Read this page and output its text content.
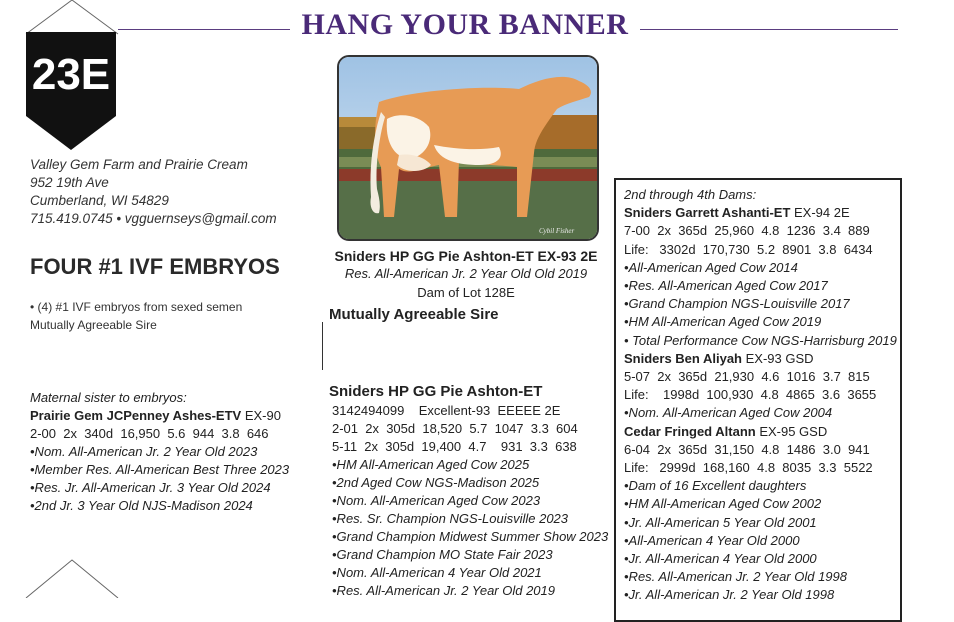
HANG YOUR BANNER
23E
Valley Gem Farm and Prairie Cream
952 19th Ave
Cumberland, WI 54829
715.419.0745 • vgguernseys@gmail.com
FOUR #1 IVF EMBRYOS
• (4) #1 IVF embryos from sexed semen
Mutually Agreeable Sire
Maternal sister to embryos:
Prairie Gem JCPenney Ashes-ETV EX-90
2-00  2x  340d  16,950  5.6  944  3.8  646
•Nom. All-American Jr. 2 Year Old 2023
•Member Res. All-American Best Three 2023
•Res. Jr. All-American Jr. 3 Year Old 2024
•2nd Jr. 3 Year Old NJS-Madison 2024
Cybil Fisher
Sniders HP GG Pie Ashton-ET EX-93 2E
Res. All-American Jr. 2 Year Old Old 2019
Dam of Lot 128E
Mutually Agreeable Sire
Sniders HP GG Pie Ashton-ET
3142494099    Excellent-93  EEEEE 2E
2-01  2x  305d  18,520  5.7  1047  3.3  604
5-11  2x  305d  19,400  4.7    931  3.3  638
•HM All-American Aged Cow 2025
•2nd Aged Cow NGS-Madison 2025
•Nom. All-American Aged Cow 2023
•Res. Sr. Champion NGS-Louisville 2023
•Grand Champion Midwest Summer Show 2023
•Grand Champion MO State Fair 2023
•Nom. All-American 4 Year Old 2021
•Res. All-American Jr. 2 Year Old 2019
2nd through 4th Dams:
Sniders Garrett Ashanti-ET EX-94 2E
7-00  2x  365d  25,960  4.8  1236  3.4  889
Life:   3302d  170,730  5.2  8901  3.8  6434
•All-American Aged Cow 2014
•Res. All-American Aged Cow 2017
•Grand Champion NGS-Louisville 2017
•HM All-American Aged Cow 2019
• Total Performance Cow NGS-Harrisburg 2019
Sniders Ben Aliyah EX-93 GSD
5-07  2x  365d  21,930  4.6  1016  3.7  815
Life:    1998d  100,930  4.8  4865  3.6  3655
•Nom. All-American Aged Cow 2004
Cedar Fringed Altann EX-95 GSD
6-04  2x  365d  31,150  4.8  1486  3.0  941
Life:   2999d  168,160  4.8  8035  3.3  5522
•Dam of 16 Excellent daughters
•HM All-American Aged Cow 2002
•Jr. All-American 5 Year Old 2001
•All-American 4 Year Old 2000
•Jr. All-American 4 Year Old 2000
•Res. All-American Jr. 2 Year Old 1998
•Jr. All-American Jr. 2 Year Old 1998
